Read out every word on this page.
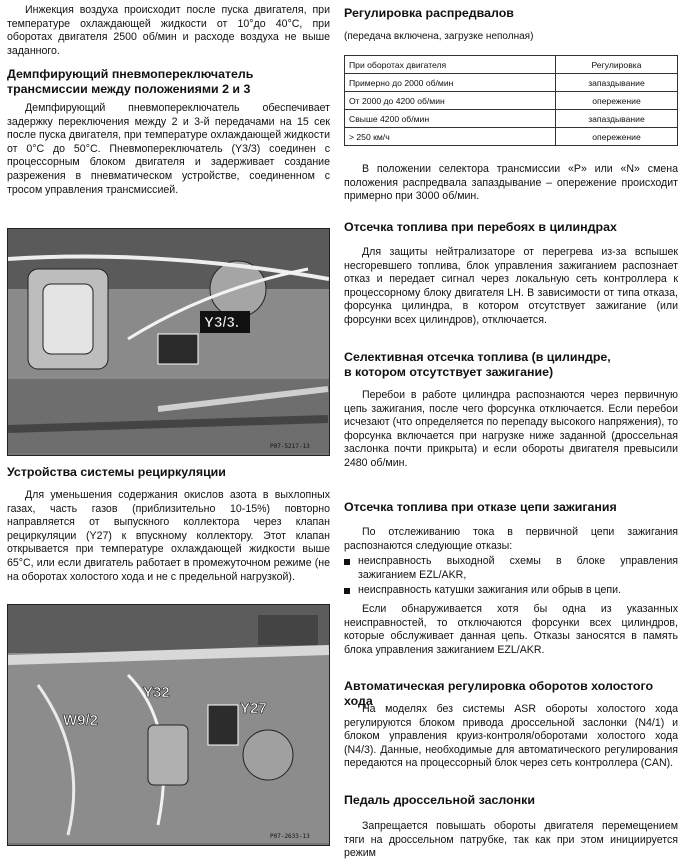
Инжекция воздуха происходит после пуска двигателя, при температуре охлаждающей жидкости от 10°до 40°C, при оборотах двигателя 2500 об/мин и расходе воздуха не выше заданного.

Демпфирующий пневмопереключатель
трансмиссии между положениями 2 и 3

Демпфирующий пневмопереключатель обеспечивает задержку переключения между 2 и 3-й передачами на 15 сек после пуска двигателя, при температуре охлаждающей жидкости от 0°C до 50°C. Пневмопереключатель (Y3/3) соединен с процессорным блоком двигателя и задерживает создание разрежения в пневматическом устройстве, соединенном с тросом управления трансмиссией.

Y3/3.
P07-5217-13
Устройства системы рециркуляции

Для уменьшения содержания окислов азота в выхлопных газах, часть газов (приблизительно 10-15%) повторно направляется от выпускного коллектора через клапан рециркуляции (Y27) к впускному коллектору. Этот клапан открывается при температуре охлаждающей жидкости выше 65°C, или если двигатель работает в промежуточном режиме (не на оборотах холостого хода и не с предельной нагрузкой).

Y32
W9/2
Y27
P07-2633-13
Регулировка распредвалов

(передача включена, загрузке неполная)

При оборотах двигателя	Регулировка
Примерно до 2000 об/мин	запаздывание
От 2000 до 4200 об/мин	опережение
Свыше 4200 об/мин	запаздывание
> 250 км/ч	опережение

В положении селектора трансмиссии «P» или «N» смена положения распредвала запаздывание – опережение происходит примерно при 3000 об/мин.

Отсечка топлива при перебоях в цилиндрах

Для защиты нейтрализаторе от перегрева из-за вспышек несгоревшего топлива, блок управления зажиганием распознает отказ и передает сигнал через локальную сеть контроллера к процессорному блоку двигателя LH. В зависимости от типа отказа, форсунка цилиндра, в котором отсутствует зажигание (или форсунки всех цилиндров), отключается.

Селективная отсечка топлива (в цилиндре,
в котором отсутствует зажигание)

Перебои в работе цилиндра распознаются через первичную цепь зажигания, после чего форсунка отключается. Если перебои исчезают (что определяется по перепаду высокого напряжения), то форсунка включается при нагрузке ниже заданной (дроссельная заслонка почти прикрыта) и если обороты двигателя превысили 2480 об/мин.

Отсечка топлива при отказе цепи зажигания

По отслеживанию тока в первичной цепи зажигания распознаются следующие отказы:

неисправность выходной схемы в блоке управления зажиганием EZL/AKR,
неисправность катушки зажигания или обрыв в цепи.

Если обнаруживается хотя бы одна из указанных неисправностей, то отключаются форсунки всех цилиндров, которые обслуживает данная цепь. Отказы заносятся в память блока управления зажиганием EZL/AKR.

Автоматическая регулировка оборотов холостого хода

На моделях без системы ASR обороты холостого хода регулируются блоком привода дроссельной заслонки (N4/1) и блоком управления круиз-контроля/оборотами холостого хода (N4/3). Данные, необходимые для автоматического регулирования передаются на процессорный блок через сеть контроллера (CAN).

Педаль дроссельной заслонки

Запрещается повышать обороты двигателя перемещением тяги на дроссельном патрубке, так как при этом инициируется режим
